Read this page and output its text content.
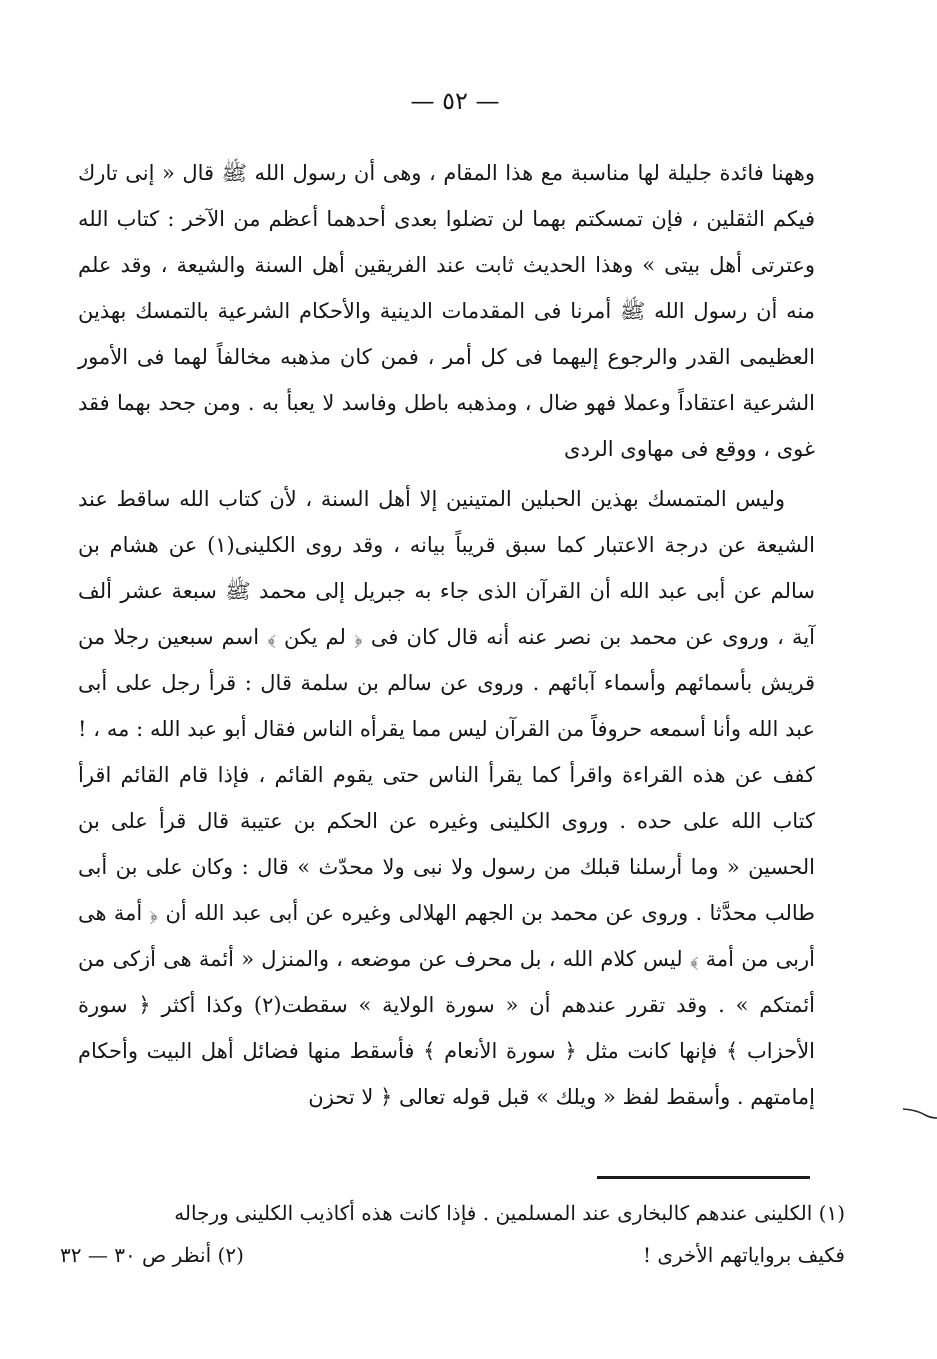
— ٥٢ —

وههنا فائدة جليلة لها مناسبة مع هذا المقام ، وهى أن رسول الله ﷺ قال « إنى تارك فيكم الثقلين ، فإن تمسكتم بهما لن تضلوا بعدى أحدهما أعظم من الآخر : كتاب الله وعترتى أهل بيتى » وهذا الحديث ثابت عند الفريقين أهل السنة والشيعة ، وقد علم منه أن رسول الله ﷺ أمرنا فى المقدمات الدينية والأحكام الشرعية بالتمسك بهذين العظيمى القدر والرجوع إليهما فى كل أمر ، فمن كان مذهبه مخالفاً لهما فى الأمور الشرعية اعتقاداً وعملا فهو ضال ، ومذهبه باطل وفاسد لا يعبأ به . ومن جحد بهما فقد غوى ، ووقع فى مهاوى الردى

وليس المتمسك بهذين الحبلين المتينين إلا أهل السنة ، لأن كتاب الله ساقط عند الشيعة عن درجة الاعتبار كما سبق قريباً بيانه ، وقد روى الكلينى(١) عن هشام بن سالم عن أبى عبد الله أن القرآن الذى جاء به جبريل إلى محمد ﷺ سبعة عشر ألف آية ، وروى عن محمد بن نصر عنه أنه قال كان فى ﴿ لم يكن ﴾ اسم سبعين رجلا من قريش بأسمائهم وأسماء آبائهم . وروى عن سالم بن سلمة قال : قرأ رجل على أبى عبد الله وأنا أسمعه حروفاً من القرآن ليس مما يقرأه الناس فقال أبو عبد الله : مه ، ! كفف عن هذه القراءة واقرأ كما يقرأ الناس حتى يقوم القائم ، فإذا قام القائم اقرأ كتاب الله على حده . وروى الكلينى وغيره عن الحكم بن عتيبة قال قرأ على بن الحسين « وما أرسلنا قبلك من رسول ولا نبى ولا محدّث » قال : وكان على بن أبى طالب محدَّثا . وروى عن محمد بن الجهم الهلالى وغيره عن أبى عبد الله أن ﴿ أمة هى أربى من أمة ﴾ ليس كلام الله ، بل محرف عن موضعه ، والمنزل « أئمة هى أزكى من أئمتكم » . وقد تقرر عندهم أن « سورة الولاية » سقطت(٢) وكذا أكثر ﴿ سورة الأحزاب ﴾ فإنها كانت مثل ﴿ سورة الأنعام ﴾ فأسقط منها فضائل أهل البيت وأحكام إمامتهم . وأسقط لفظ « ويلك » قبل قوله تعالى ﴿ لا تحزن

(١) الكلينى عندهم كالبخارى عند المسلمين . فإذا كانت هذه أكاذيب الكلينى ورجاله
فكيف برواياتهم الأخرى !
(٢) أنظر ص ٣٠ — ٣٢
